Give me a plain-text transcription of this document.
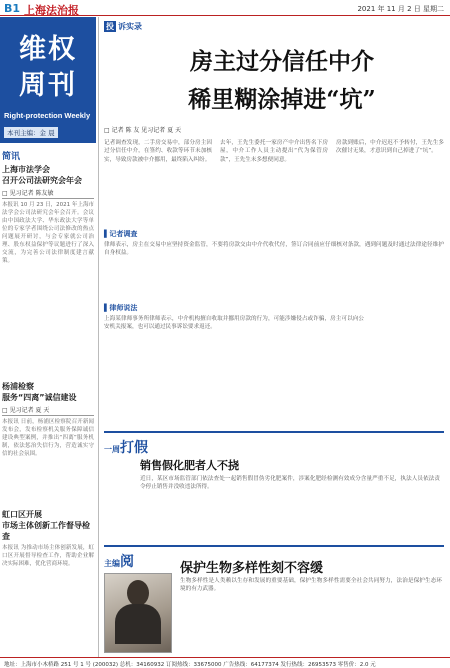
B1 上海法治报	2021 年 11 月 2 日 星期二
维权
周刊
Right-protection Weekly
本刊主编：金 晨
简讯
上海市法学会
召开公司法研究会年会
□ 见习记者 陈友敏
本报讯 10 月 23 日，2021 年上海市法学会公司法研究会年会召开。会议由中国政法大学、华东政法大学等单位的专家学者围绕公司法修改的热点问题展开研讨，与会专家就公司治理、股东权益保护等议题进行了深入交流，为完善公司法律制度建言献策。
杨浦检察
服务“四离”诚信建设
□ 见习记者 夏 天
本报讯 日前，杨浦区检察院召开新闻发布会，发布检察机关服务保障诚信建设典型案例，并推出“四离”服务机制，依法惩治失信行为，营造诚实守信的社会氛围。
虹口区开展
市场主体创新工作督导检查
本报讯 为推动市场主体创新发展，虹口区开展督导检查工作，帮助企业解决实际困难，优化营商环境。
投 诉实录
房主过分信任中介
稀里糊涂掉进“坑”
□ 记者 陈 友 见习记者 夏 天
记者调查发现，二手房交易中，部分房主因过分信任中介，在签约、收款等环节未加核实，导致房款被中介挪用，最终陷入纠纷。
去年，王先生委托一家房产中介出售名下房屋，中介工作人员主动提出“代为保管房款”，王先生未多想便同意。
房款到账后，中介迟迟不予转付，王先生多次催讨无果，才意识到自己掉进了“坑”。
▌记者调查
律师表示，房主在交易中应坚持资金监管，不要将房款交由中介代收代付，签订合同前应仔细核对条款，遇到问题及时通过法律途径维护自身权益。
▌律师说法
上海某律师事务所律师表示，中介机构擅自收取并挪用房款的行为，可能涉嫌侵占或诈骗，房主可以向公安机关报案，也可以通过民事诉讼要求返还。
一周打假
销售假化肥者人不挠
近日，某区市场监管部门依法查处一起销售假冒伪劣化肥案件，涉案化肥经检测有效成分含量严重不足，执法人员依法责令停止销售并没收违法所得。
主编阅	保护生物多样性刻不容缓
生物多样性是人类赖以生存和发展的重要基础，保护生物多样性需要全社会共同努力，法治是保护生态环境的有力武器。
地址：上海市小木桥路 251 号 1 号 (200032) 总机：34160932 订阅热线：33675000 广告热线：64177374 发行热线：26953573 零售价：2.0 元
